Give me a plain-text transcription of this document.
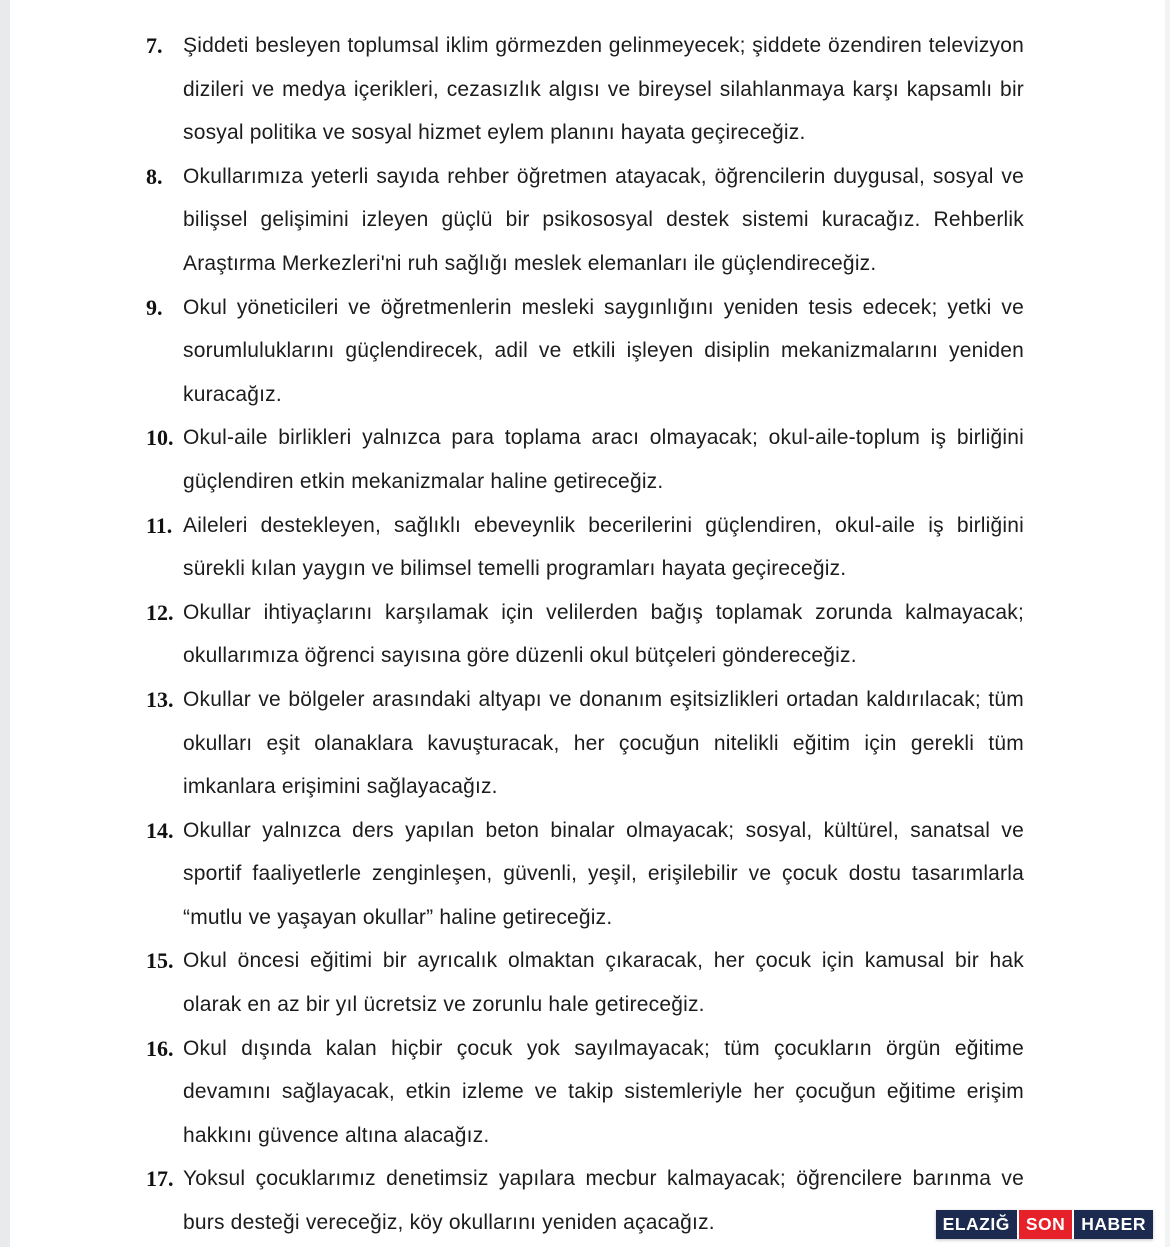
7. Şiddeti besleyen toplumsal iklim görmezden gelinmeyecek; şiddete özendiren televizyon dizileri ve medya içerikleri, cezasızlık algısı ve bireysel silahlanmaya karşı kapsamlı bir sosyal politika ve sosyal hizmet eylem planını hayata geçireceğiz.

8. Okullarımıza yeterli sayıda rehber öğretmen atayacak, öğrencilerin duygusal, sosyal ve bilişsel gelişimini izleyen güçlü bir psikososyal destek sistemi kuracağız. Rehberlik Araştırma Merkezleri'ni ruh sağlığı meslek elemanları ile güçlendireceğiz.

9. Okul yöneticileri ve öğretmenlerin mesleki saygınlığını yeniden tesis edecek; yetki ve sorumluluklarını güçlendirecek, adil ve etkili işleyen disiplin mekanizmalarını yeniden kuracağız.

10. Okul-aile birlikleri yalnızca para toplama aracı olmayacak; okul-aile-toplum iş birliğini güçlendiren etkin mekanizmalar haline getireceğiz.

11. Aileleri destekleyen, sağlıklı ebeveynlik becerilerini güçlendiren, okul-aile iş birliğini sürekli kılan yaygın ve bilimsel temelli programları hayata geçireceğiz.

12. Okullar ihtiyaçlarını karşılamak için velilerden bağış toplamak zorunda kalmayacak; okullarımıza öğrenci sayısına göre düzenli okul bütçeleri göndereceğiz.

13. Okullar ve bölgeler arasındaki altyapı ve donanım eşitsizlikleri ortadan kaldırılacak; tüm okulları eşit olanaklara kavuşturacak, her çocuğun nitelikli eğitim için gerekli tüm imkanlara erişimini sağlayacağız.

14. Okullar yalnızca ders yapılan beton binalar olmayacak; sosyal, kültürel, sanatsal ve sportif faaliyetlerle zenginleşen, güvenli, yeşil, erişilebilir ve çocuk dostu tasarımlarla “mutlu ve yaşayan okullar” haline getireceğiz.

15. Okul öncesi eğitimi bir ayrıcalık olmaktan çıkaracak, her çocuk için kamusal bir hak olarak en az bir yıl ücretsiz ve zorunlu hale getireceğiz.

16. Okul dışında kalan hiçbir çocuk yok sayılmayacak; tüm çocukların örgün eğitime devamını sağlayacak, etkin izleme ve takip sistemleriyle her çocuğun eğitime erişim hakkını güvence altına alacağız.

17. Yoksul çocuklarımız denetimsiz yapılara mecbur kalmayacak; öğrencilere barınma ve burs desteği vereceğiz, köy okullarını yeniden açacağız.	ELAZIĞ SON HABER
